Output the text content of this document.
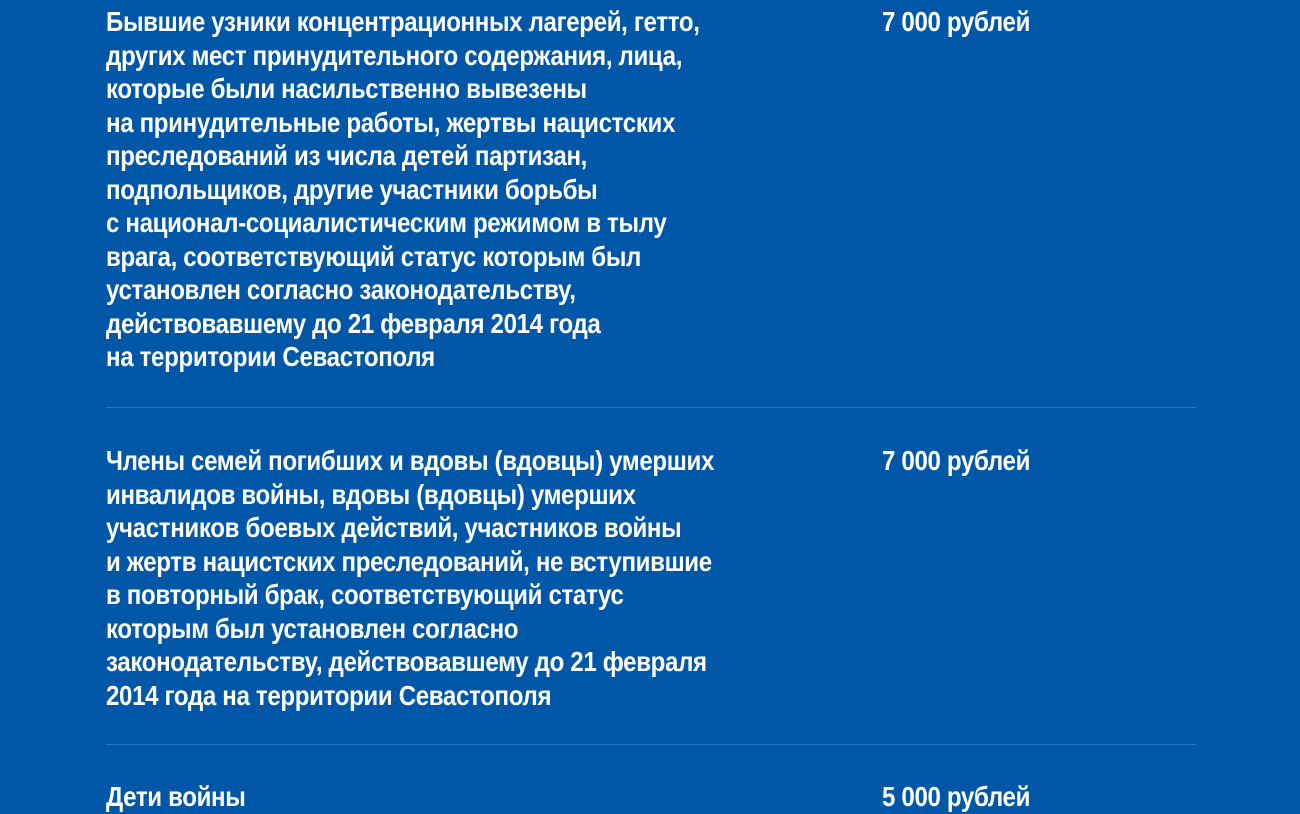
Бывшие узники концентрационных лагерей, гетто,
других мест принудительного содержания, лица,
которые были насильственно вывезены
на принудительные работы, жертвы нацистских
преследований из числа детей партизан,
подпольщиков, другие участники борьбы
с национал-социалистическим режимом в тылу
врага, соответствующий статус которым был
установлен согласно законодательству,
действовавшему до 21 февраля 2014 года
на территории Севастополя
7 000 рублей
Члены семей погибших и вдовы (вдовцы) умерших
инвалидов войны, вдовы (вдовцы) умерших
участников боевых действий, участников войны
и жертв нацистских преследований, не вступившие
в повторный брак, соответствующий статус
которым был установлен согласно
законодательству, действовавшему до 21 февраля
2014 года на территории Севастополя
7 000 рублей
Дети войны	5 000 рублей
